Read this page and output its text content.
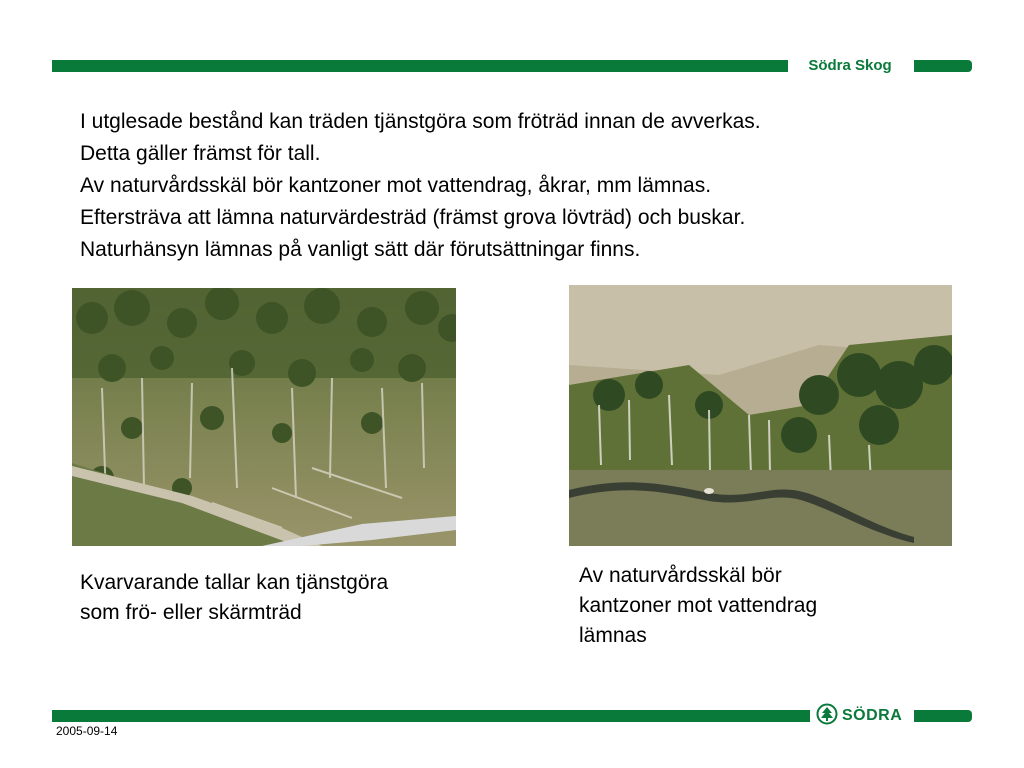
Södra Skog
I utglesade bestånd kan träden tjänstgöra som fröträd innan de avverkas.
Detta gäller främst för tall.
Av naturvårdsskäl bör kantzoner mot vattendrag, åkrar, mm lämnas.
Eftersträva att lämna naturvärdesträd (främst grova lövträd) och buskar.
Naturhänsyn lämnas på vanligt sätt där förutsättningar finns.
Kvarvarande tallar kan tjänstgöra
som frö- eller skärmträd
Av naturvårdsskäl bör
kantzoner mot vattendrag
lämnas
SÖDRA
2005-09-14
